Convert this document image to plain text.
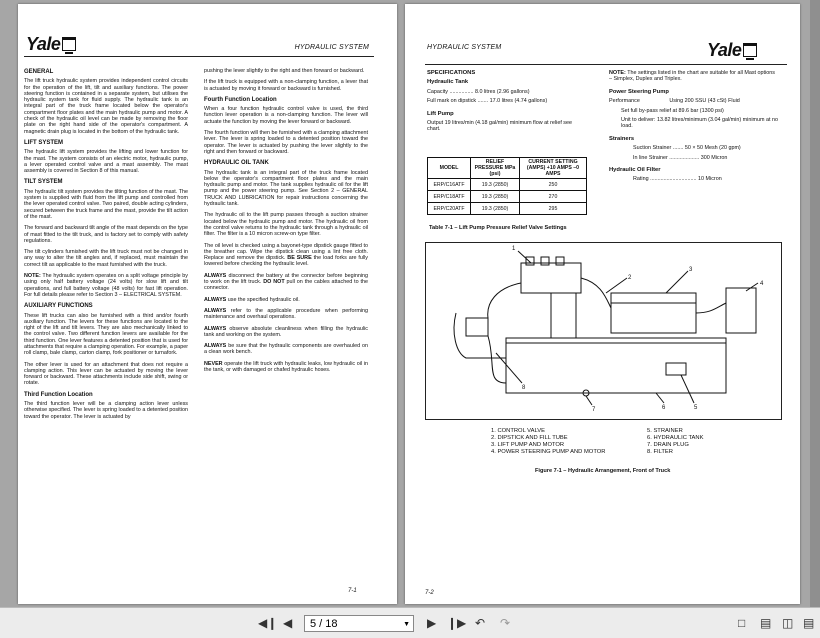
Yale	HYDRAULIC SYSTEM
GENERAL

The lift truck hydraulic system provides independent control circuits for the operation of the lift, tilt and auxiliary functions. The power steering function is contained in a separate system, but utilises the hydraulic system tank for fluid supply. The hydraulic tank is an integral part of the truck frame located below the operator's compartment floor plates and the main hydraulic pump and motor. A check of the hydraulic oil level can be made by removing the floor plate on the right hand side of the operator's compartment. A magnetic drain plug is located in the bottom of the hydraulic tank.

LIFT SYSTEM

The hydraulic lift system provides the lifting and lower function for the mast. The system consists of an electric motor, hydraulic pump, a lever operated control valve and a mast assembly. The mast assembly is covered in Section 8 of this manual.

TILT SYSTEM

The hydraulic tilt system provides the tilting function of the mast. The system is supplied with fluid from the lift pump and controlled from the lever operated control valve. Two paired, double acting cylinders, secured between the truck frame and the mast, provide the tilt action of the mast.

The forward and backward tilt angle of the mast depends on the type of mast fitted to the tilt truck, and is factory set to comply with safety regulations.

The tilt cylinders furnished with the lift truck must not be changed in any way to alter the tilt angles and, if replaced, must maintain the correct tilt as applicable to the mast furnished with the truck.

NOTE: The hydraulic system operates on a split voltage principle by using only half battery voltage (24 volts) for slow lift and tilt operations, and full battery voltage (48 volts) for fast lift operation. For full details please refer to Section 3 – ELECTRICAL SYSTEM.

AUXILIARY FUNCTIONS

These lift trucks can also be furnished with a third and/or fourth auxiliary function. The levers for these functions are located to the right of the lift and tilt levers. They are also mechanically linked to the control valve. Two different function levers are available for the third function. One lever features a detented position that is used for attachments that require a clamping operation. For example, a paper roll clamp, bale clamp, carton clamp, fork positioner or turnafork.

The other lever is used for an attachment that does not require a clamping action. This lever can be actuated by moving the lever forward or backward. These attachments include side shift, swing or rotate.

Third Function Location

The third function lever will be a clamping action lever unless otherwise specified. The lever is spring loaded to a detented position toward the operator. The lever is actuated by

pushing the lever slightly to the right and then forward or backward.

If the lift truck is equipped with a non-clamping function, a lever that is actuated by moving it forward or backward is furnished.

Fourth Function Location

When a four function hydraulic control valve is used, the third function lever operation is a non-clamping function. The lever will actuate the function by moving the lever forward or backward.

The fourth function will then be furnished with a clamping attachment lever. The lever is spring loaded to a detented position toward the operator. The lever is actuated by pushing the lever slightly to the right and then forward or backward.

HYDRAULIC OIL TANK

The hydraulic tank is an integral part of the truck frame located below the operator's compartment floor plates and the main hydraulic pump and motor. The tank supplies hydraulic oil for the lift pump and the power steering pump. See Section 2 – GENERAL TRUCK AND LUBRICATION for repair instructions concerning the hydraulic tank.

The hydraulic oil to the lift pump passes through a suction strainer located below the hydraulic pump and motor. The hydraulic oil from the control valve returns to the hydraulic tank through a hydraulic oil filter. The filter is a 10 micron screw-on type filter.

The oil level is checked using a bayonet-type dipstick gauge fitted to the breather cap. Wipe the dipstick clean using a lint free cloth. Replace and remove the dipstick. BE SURE the load forks are fully lowered before checking the hydraulic level.

ALWAYS disconnect the battery at the connector before beginning to work on the lift truck. DO NOT pull on the cables attached to the connector.

ALWAYS use the specified hydraulic oil.

ALWAYS refer to the applicable procedure when performing maintenance and overhaul operations.

ALWAYS observe absolute cleanliness when filling the hydraulic tank and working on the system.

ALWAYS be sure that the hydraulic components are overhauled on a clean work bench.

NEVER operate the lift truck with hydraulic leaks, low hydraulic oil in the tank, or with damaged or chafed hydraulic hoses.

7-1
HYDRAULIC SYSTEM	Yale
SPECIFICATIONS
Hydraulic Tank
Capacity ................ 8.0 litres (2.96 gallons)
Full mark on dipstick ....... 17.0 litres (4.74 gallons)
Lift Pump
Output 19 litres/min (4.18 gal/min) minimum flow at relief see chart.
MODEL	RELIEF PRESSURE MPa (psi)	CURRENT SETTING (AMPS) +10 AMPS –0 AMPS
ERP/C16ATF	19.3 (2850)	250
ERP/C18ATF	19.3 (2850)	270
ERP/C20ATF	19.3 (2850)	295
Table 7-1 – Lift Pump Pressure Relief Valve Settings
NOTE: The settings listed in the chart are suitable for all Mast options – Simplex, Duplex and Triplex.
Power Steering Pump
Performance	Using 200 SSU (43 cSt) Fluid
Set full by-pass relief at 89.6 bar (1300 psi)
Unit to deliver: 13.82 litres/minimum (3.04 gal/min) minimum at no load.
Strainers
Suction Strainer ....... 50 × 50 Mesh (20 gpm)
In line Strainer .................... 300 Micron
Hydraulic Oil Filter
Rating ............................... 10 Micron
1
2
3
4
5
6
7
8
1. CONTROL VALVE
2. DIPSTICK AND FILL TUBE
3. LIFT PUMP AND MOTOR
4. POWER STEERING PUMP AND MOTOR
5. STRAINER
6. HYDRAULIC TANK
7. DRAIN PLUG
8. FILTER
Figure 7-1 – Hydraulic Arrangement, Front of Truck
7-2
◀❙ ◀
5 / 18	▼ ▶ ❙▶ ↶ ↷	□ ▤ ◫ ▤
